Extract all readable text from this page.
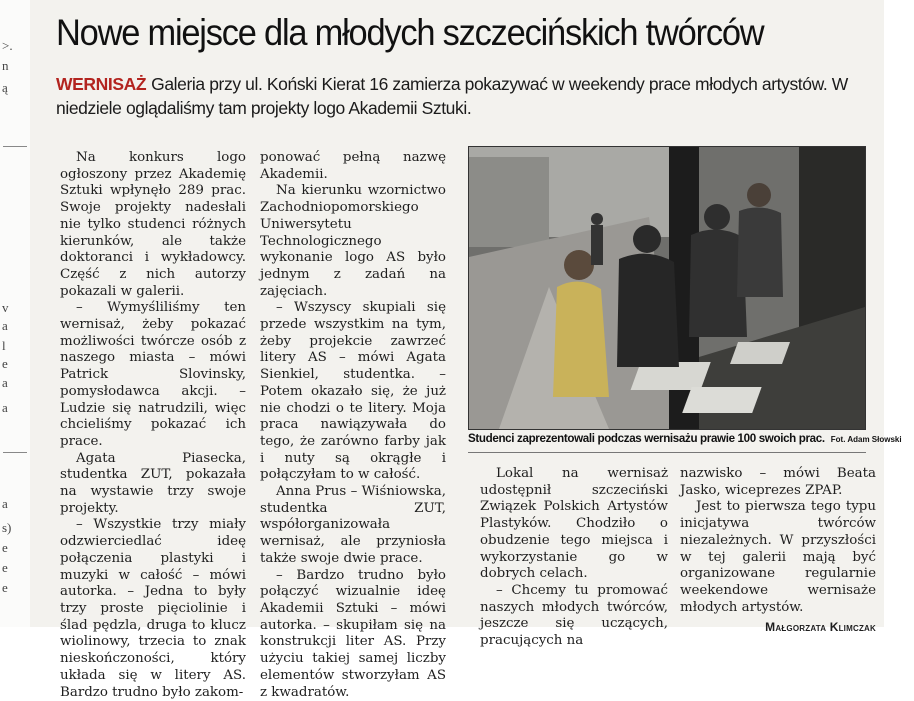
>.
n
ą
v
a
l
e
a
a
a
s)
e
e
e
Nowe miejsce dla młodych szczecińskich twórców

WERNISAŻ Galeria przy ul. Koński Kierat 16 zamierza pokazywać w weekendy prace młodych artystów. W niedziele oglądaliśmy tam projekty logo Akademii Sztuki.

Na konkurs logo ogłoszony przez Akademię Sztuki wpłynęło 289 prac. Swoje projekty nadesłali nie tylko studenci różnych kierunków, ale także doktoranci i wykładowcy. Część z nich autorzy pokazali w galerii.

– Wymyśliliśmy ten wernisaż, żeby pokazać możliwości twórcze osób z naszego miasta – mówi Patrick Slovinsky, pomysłodawca akcji. – Ludzie się natrudzili, więc chcieliśmy pokazać ich prace.

Agata Piasecka, studentka ZUT, pokazała na wystawie trzy swoje projekty.

– Wszystkie trzy miały odzwierciedlać ideę połączenia plastyki i muzyki w całość – mówi autorka. – Jedna to były trzy proste pięciolinie i ślad pędzla, druga to klucz wiolinowy, trzecia to znak nieskończoności, który układa się w litery AS. Bardzo trudno było zakom-

ponować pełną nazwę Akademii.

Na kierunku wzornictwo Zachodniopomorskiego Uniwersytetu Technologicznego wykonanie logo AS było jednym z zadań na zajęciach.

– Wszyscy skupiali się przede wszystkim na tym, żeby projekcie zawrzeć litery AS – mówi Agata Sienkiel, studentka. – Potem okazało się, że już nie chodzi o te litery. Moja praca nawiązywała do tego, że zarówno farby jak i nuty są okrągłe i połączyłam to w całość.

Anna Prus – Wiśniowska, studentka ZUT, współorganizowała wernisaż, ale przyniosła także swoje dwie prace.

– Bardzo trudno było połączyć wizualnie ideę Akademii Sztuki – mówi autorka. – skupiłam się na konstrukcji liter AS. Przy użyciu takiej samej liczby elementów stworzyłam AS z kwadratów.

Studenci zaprezentowali podczas wernisażu prawie 100 swoich prac. Fot. Adam Słowski

Lokal na wernisaż udostępnił szczeciński Związek Polskich Artystów Plastyków. Chodziło o obudzenie tego miejsca i wykorzystanie go w dobrych celach.

– Chcemy tu promować naszych młodych twórców, jeszcze się uczących, pracujących na

nazwisko – mówi Beata Jasko, wiceprezes ZPAP.

Jest to pierwsza tego typu inicjatywa twórców niezależnych. W przyszłości w tej galerii mają być organizowane regularnie weekendowe wernisaże młodych artystów.

Małgorzata Klimczak
